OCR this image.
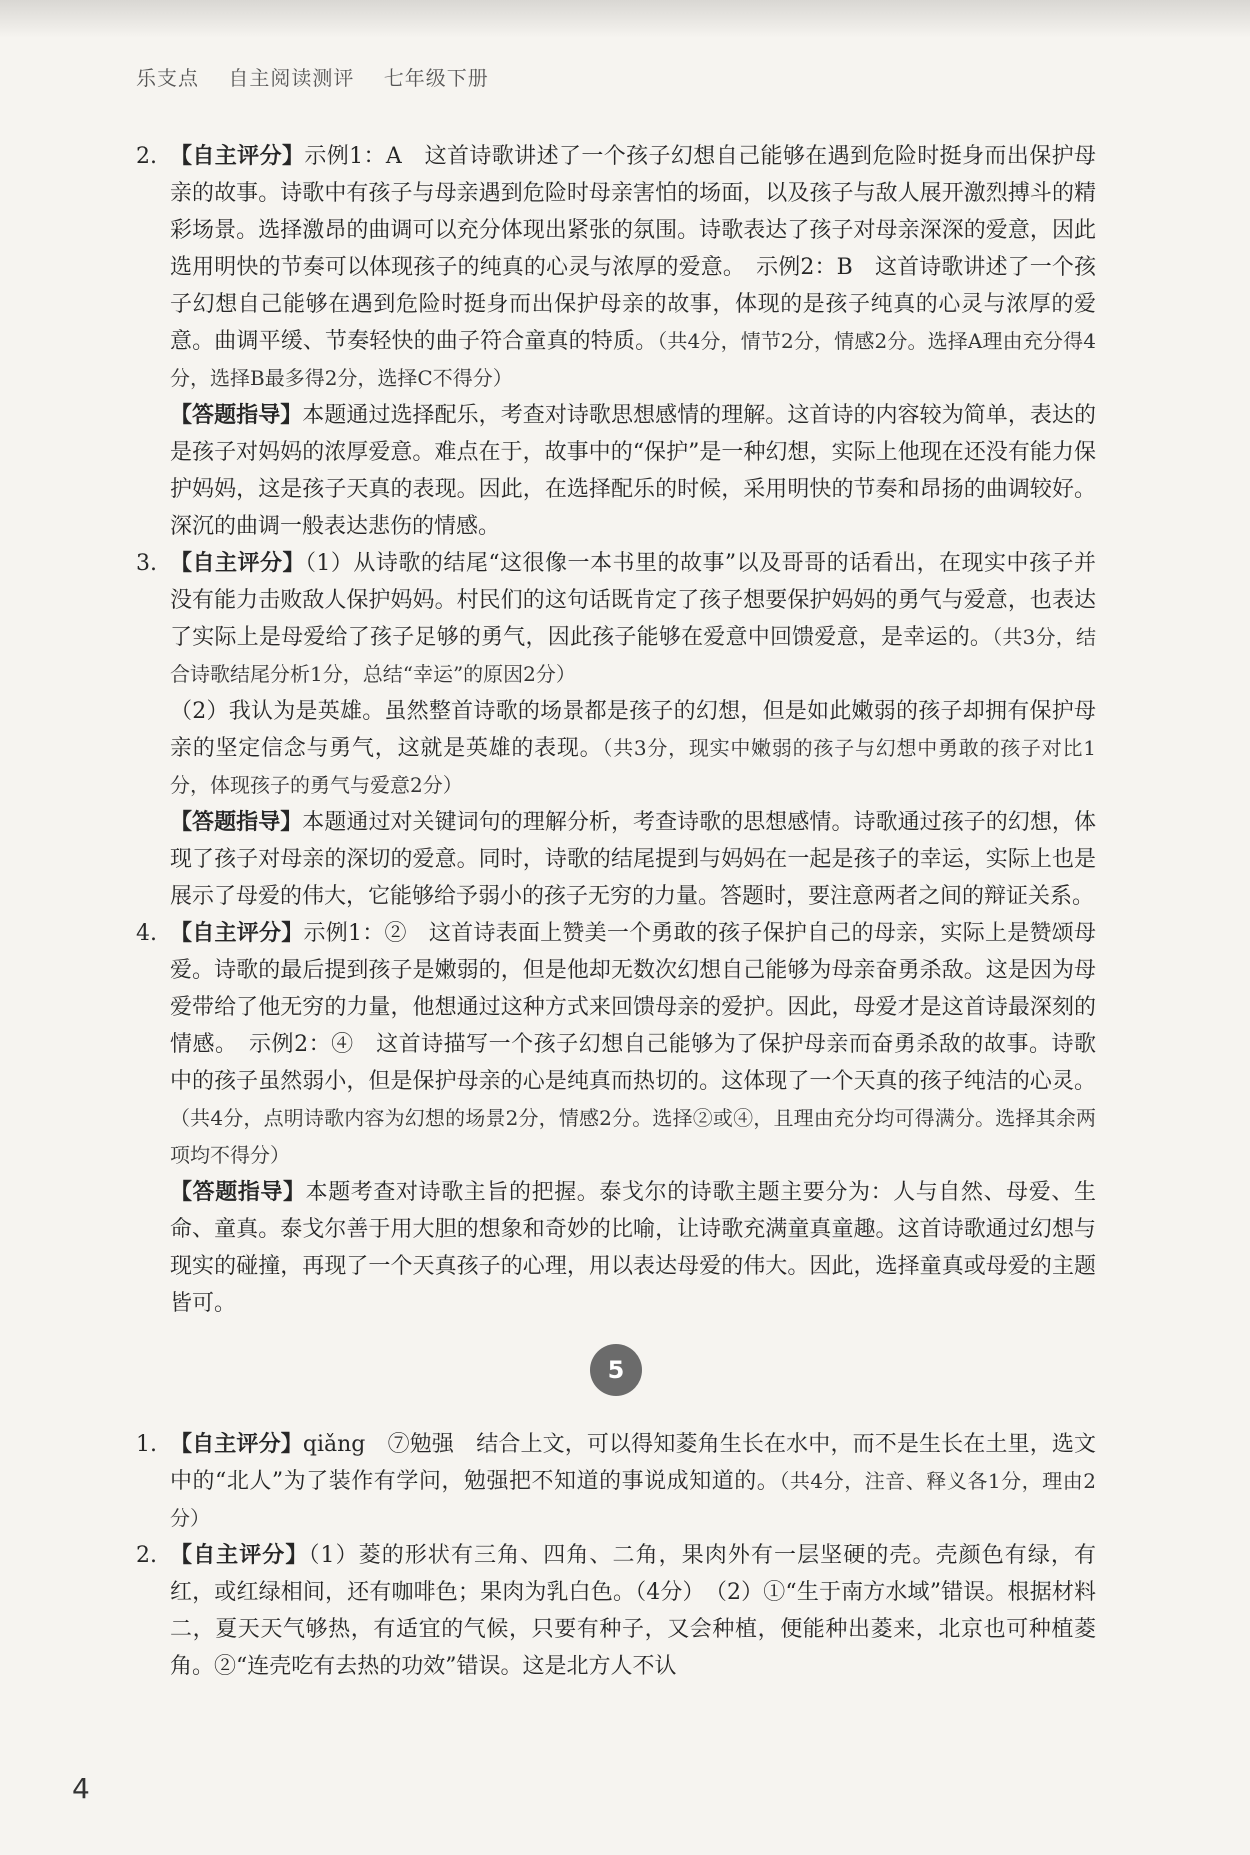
乐支点 自主阅读测评 七年级下册
2. 【自主评分】示例1：A　这首诗歌讲述了一个孩子幻想自己能够在遇到危险时挺身而出保护母亲的故事。诗歌中有孩子与母亲遇到危险时母亲害怕的场面，以及孩子与敌人展开激烈搏斗的精彩场景。选择激昂的曲调可以充分体现出紧张的氛围。诗歌表达了孩子对母亲深深的爱意，因此选用明快的节奏可以体现孩子的纯真的心灵与浓厚的爱意。　示例2：B　这首诗歌讲述了一个孩子幻想自己能够在遇到危险时挺身而出保护母亲的故事，体现的是孩子纯真的心灵与浓厚的爱意。曲调平缓、节奏轻快的曲子符合童真的特质。（共4分，情节2分，情感2分。选择A理由充分得4分，选择B最多得2分，选择C不得分）

【答题指导】本题通过选择配乐，考查对诗歌思想感情的理解。这首诗的内容较为简单，表达的是孩子对妈妈的浓厚爱意。难点在于，故事中的“保护”是一种幻想，实际上他现在还没有能力保护妈妈，这是孩子天真的表现。因此，在选择配乐的时候，采用明快的节奏和昂扬的曲调较好。深沉的曲调一般表达悲伤的情感。

3. 【自主评分】（1）从诗歌的结尾“这很像一本书里的故事”以及哥哥的话看出，在现实中孩子并没有能力击败敌人保护妈妈。村民们的这句话既肯定了孩子想要保护妈妈的勇气与爱意，也表达了实际上是母爱给了孩子足够的勇气，因此孩子能够在爱意中回馈爱意，是幸运的。（共3分，结合诗歌结尾分析1分，总结“幸运”的原因2分）

（2）我认为是英雄。虽然整首诗歌的场景都是孩子的幻想，但是如此嫩弱的孩子却拥有保护母亲的坚定信念与勇气，这就是英雄的表现。（共3分，现实中嫩弱的孩子与幻想中勇敢的孩子对比1分，体现孩子的勇气与爱意2分）

【答题指导】本题通过对关键词句的理解分析，考查诗歌的思想感情。诗歌通过孩子的幻想，体现了孩子对母亲的深切的爱意。同时，诗歌的结尾提到与妈妈在一起是孩子的幸运，实际上也是展示了母爱的伟大，它能够给予弱小的孩子无穷的力量。答题时，要注意两者之间的辩证关系。

4. 【自主评分】示例1：②　这首诗表面上赞美一个勇敢的孩子保护自己的母亲，实际上是赞颂母爱。诗歌的最后提到孩子是嫩弱的，但是他却无数次幻想自己能够为母亲奋勇杀敌。这是因为母爱带给了他无穷的力量，他想通过这种方式来回馈母亲的爱护。因此，母爱才是这首诗最深刻的情感。　示例2：④　这首诗描写一个孩子幻想自己能够为了保护母亲而奋勇杀敌的故事。诗歌中的孩子虽然弱小，但是保护母亲的心是纯真而热切的。这体现了一个天真的孩子纯洁的心灵。（共4分，点明诗歌内容为幻想的场景2分，情感2分。选择②或④，且理由充分均可得满分。选择其余两项均不得分）

【答题指导】本题考查对诗歌主旨的把握。泰戈尔的诗歌主题主要分为：人与自然、母爱、生命、童真。泰戈尔善于用大胆的想象和奇妙的比喻，让诗歌充满童真童趣。这首诗歌通过幻想与现实的碰撞，再现了一个天真孩子的心理，用以表达母爱的伟大。因此，选择童真或母爱的主题皆可。

5
1. 【自主评分】qiǎng　⑦勉强　结合上文，可以得知菱角生长在水中，而不是生长在土里，选文中的“北人”为了装作有学问，勉强把不知道的事说成知道的。（共4分，注音、释义各1分，理由2分）

2. 【自主评分】（1）菱的形状有三角、四角、二角，果肉外有一层坚硬的壳。壳颜色有绿，有红，或红绿相间，还有咖啡色；果肉为乳白色。（4分）　（2）①“生于南方水域”错误。根据材料二，夏天天气够热，有适宜的气候，只要有种子，又会种植，便能种出菱来，北京也可种植菱角。②“连壳吃有去热的功效”错误。这是北方人不认

4
